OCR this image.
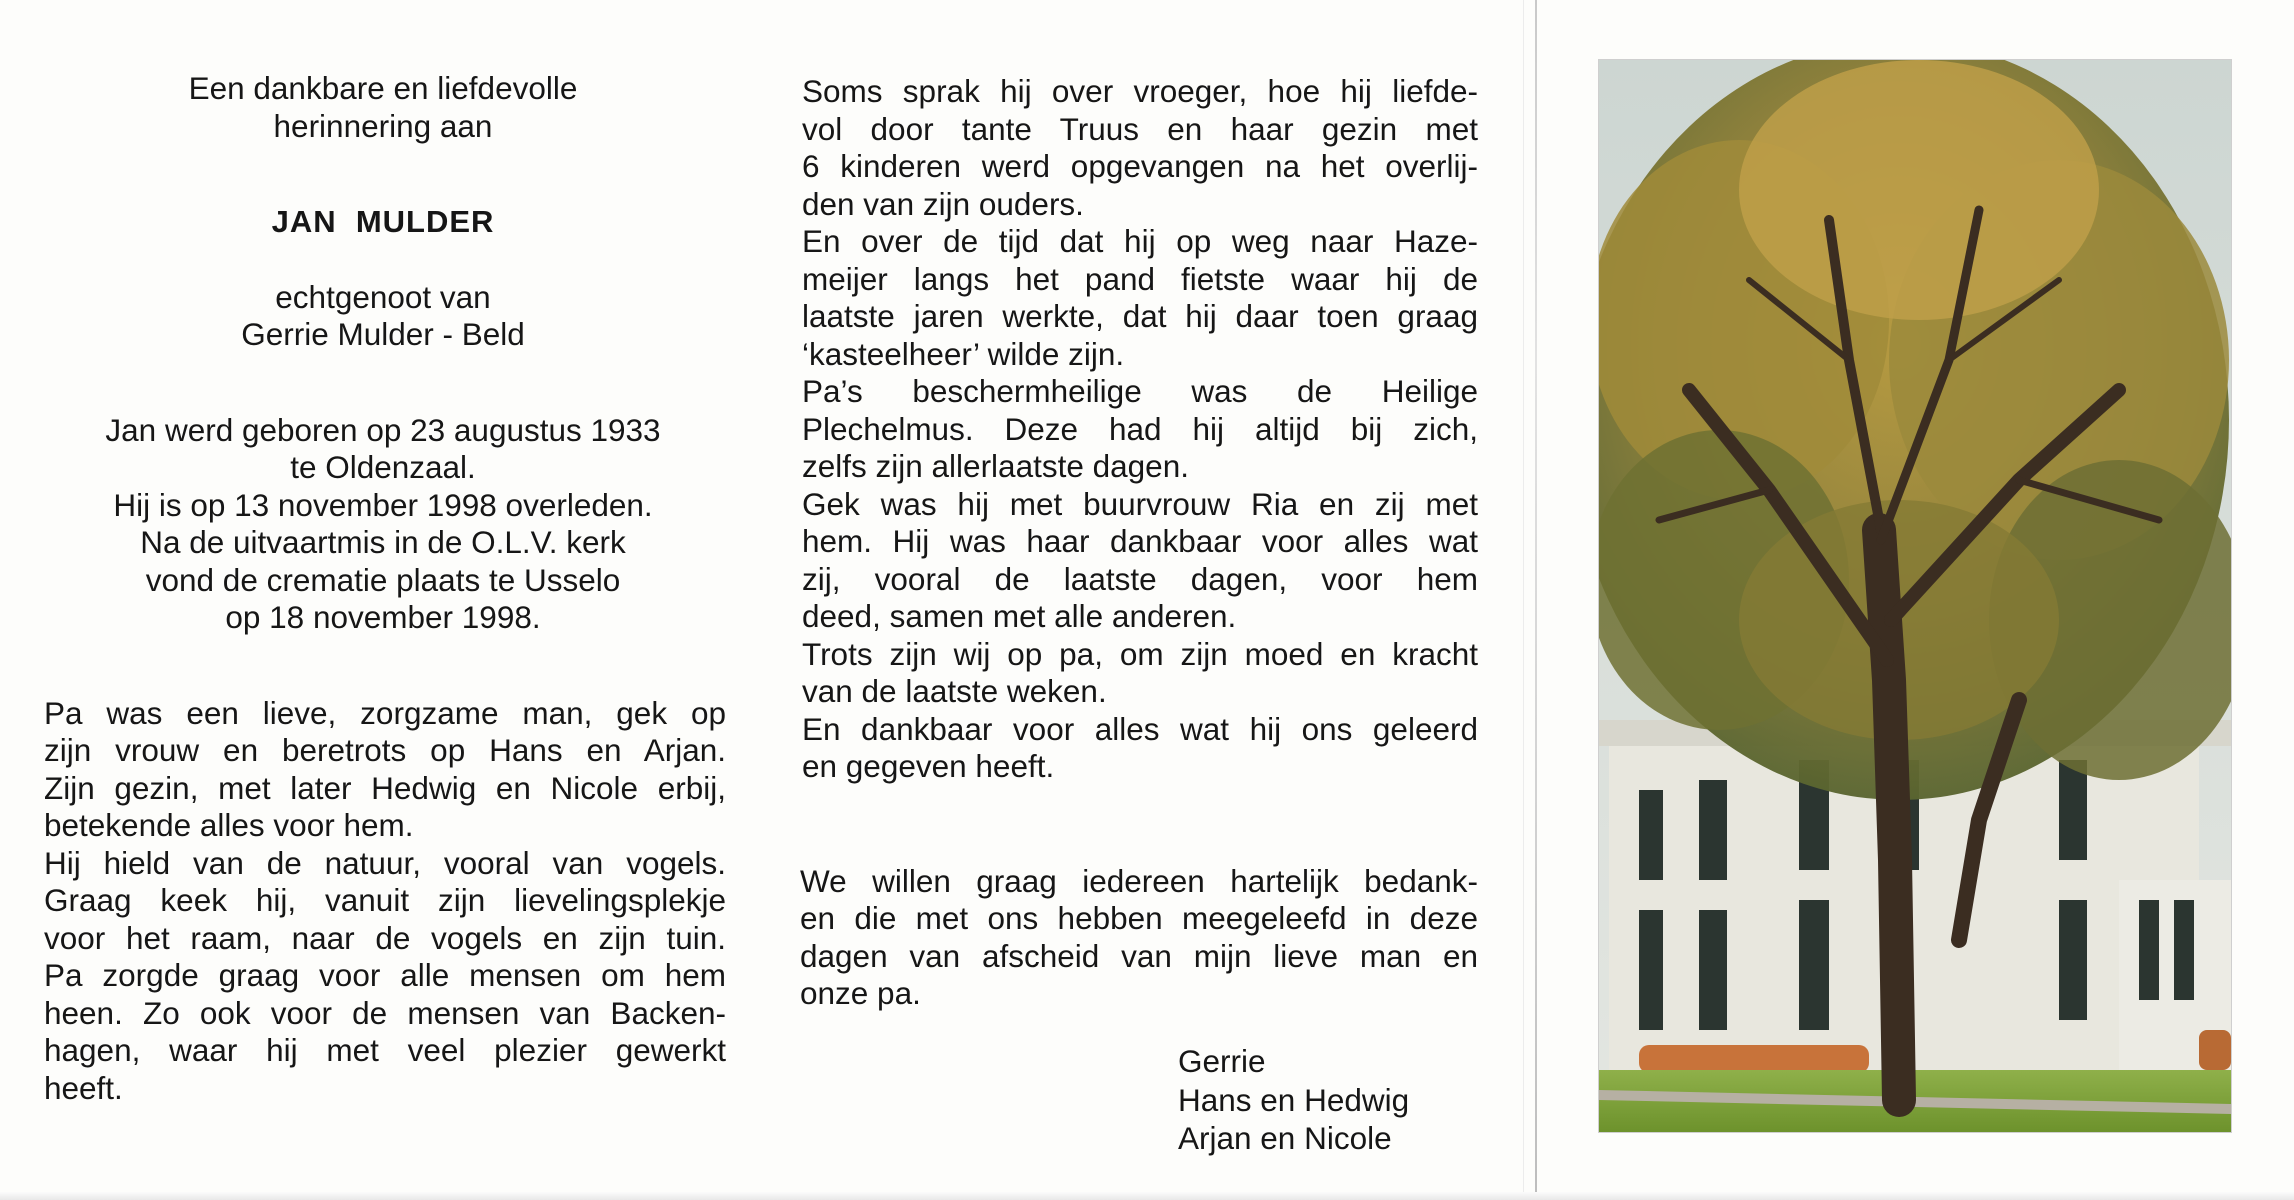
Een dankbare en liefdevolle
herinnering aan
JAN  MULDER
echtgenoot van
Gerrie Mulder - Beld
Jan werd geboren op 23 augustus 1933
te Oldenzaal.
Hij is op 13 november 1998 overleden.
Na de uitvaartmis in de O.L.V. kerk
vond de crematie plaats te Usselo
op 18 november 1998.
Pa was een lieve, zorgzame man, gek op
zijn vrouw en beretrots op Hans en Arjan.
Zijn gezin, met later Hedwig en Nicole erbij,
betekende alles voor hem.
Hij hield van de natuur, vooral van vogels.
Graag keek hij, vanuit zijn lievelingsplekje
voor het raam, naar de vogels en zijn tuin.
Pa zorgde graag voor alle mensen om hem
heen. Zo ook voor de mensen van Backen-
hagen, waar hij met veel plezier gewerkt
heeft.
Soms sprak hij over vroeger, hoe hij liefde-
vol door tante Truus en haar gezin met
6 kinderen werd opgevangen na het overlij-
den van zijn ouders.
En over de tijd dat hij op weg naar Haze-
meijer langs het pand fietste waar hij de
laatste jaren werkte, dat hij daar toen graag
‘kasteelheer’ wilde zijn.
Pa’s beschermheilige was de Heilige
Plechelmus. Deze had hij altijd bij zich,
zelfs zijn allerlaatste dagen.
Gek was hij met buurvrouw Ria en zij met
hem. Hij was haar dankbaar voor alles wat
zij, vooral de laatste dagen, voor hem
deed, samen met alle anderen.
Trots zijn wij op pa, om zijn moed en kracht
van de laatste weken.
En dankbaar voor alles wat hij ons geleerd
en gegeven heeft.
We willen graag iedereen hartelijk bedank-
en die met ons hebben meegeleefd in deze
dagen van afscheid van mijn lieve man en
onze pa.
Gerrie
Hans en Hedwig
Arjan en Nicole
